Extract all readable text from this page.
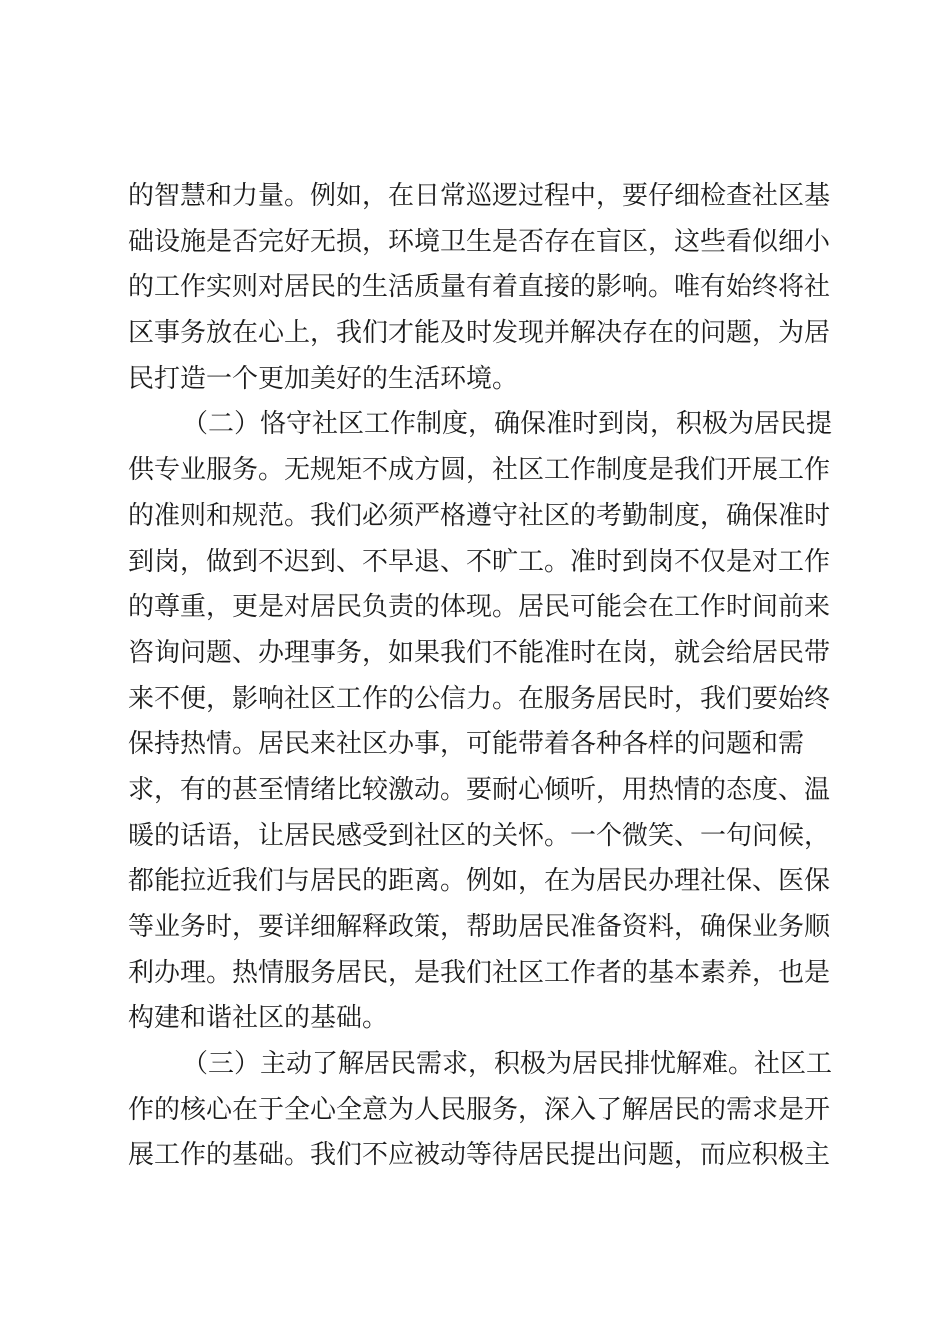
的智慧和力量。例如，在日常巡逻过程中，要仔细检查社区基
础设施是否完好无损，环境卫生是否存在盲区，这些看似细小
的工作实则对居民的生活质量有着直接的影响。唯有始终将社
区事务放在心上，我们才能及时发现并解决存在的问题，为居
民打造一个更加美好的生活环境。
（二）恪守社区工作制度，确保准时到岗，积极为居民提
供专业服务。无规矩不成方圆，社区工作制度是我们开展工作
的准则和规范。我们必须严格遵守社区的考勤制度，确保准时
到岗，做到不迟到、不早退、不旷工。准时到岗不仅是对工作
的尊重，更是对居民负责的体现。居民可能会在工作时间前来
咨询问题、办理事务，如果我们不能准时在岗，就会给居民带
来不便，影响社区工作的公信力。在服务居民时，我们要始终
保持热情。居民来社区办事，可能带着各种各样的问题和需
求，有的甚至情绪比较激动。要耐心倾听，用热情的态度、温
暖的话语，让居民感受到社区的关怀。一个微笑、一句问候，
都能拉近我们与居民的距离。例如，在为居民办理社保、医保
等业务时，要详细解释政策，帮助居民准备资料，确保业务顺
利办理。热情服务居民，是我们社区工作者的基本素养，也是
构建和谐社区的基础。
（三）主动了解居民需求，积极为居民排忧解难。社区工
作的核心在于全心全意为人民服务，深入了解居民的需求是开
展工作的基础。我们不应被动等待居民提出问题，而应积极主
